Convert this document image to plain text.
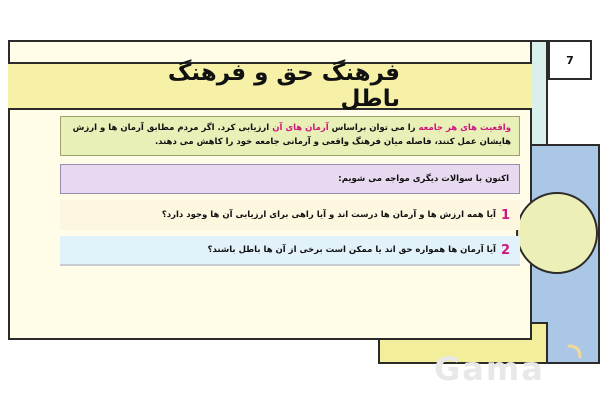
فرهنگ حق و فرهنگ باطل
7
واقعیت های هر جامعه را می توان براساس آرمان های آن ارزیابی کرد. اگر مردم مطابق آرمان ها و ارزش هایشان عمل کنند، فاصله میان فرهنگ واقعی و آرمانی جامعه خود را کاهش می دهند.
اکنون با سوالات دیگری مواجه می شویم:
1
آیا همه ارزش ها و آرمان ها درست اند و آیا راهی برای ارزیابی آن ها وجود دارد؟
2
آیا آرمان ها همواره حق اند یا ممکن است برخی از آن ها باطل باشند؟
Gama
